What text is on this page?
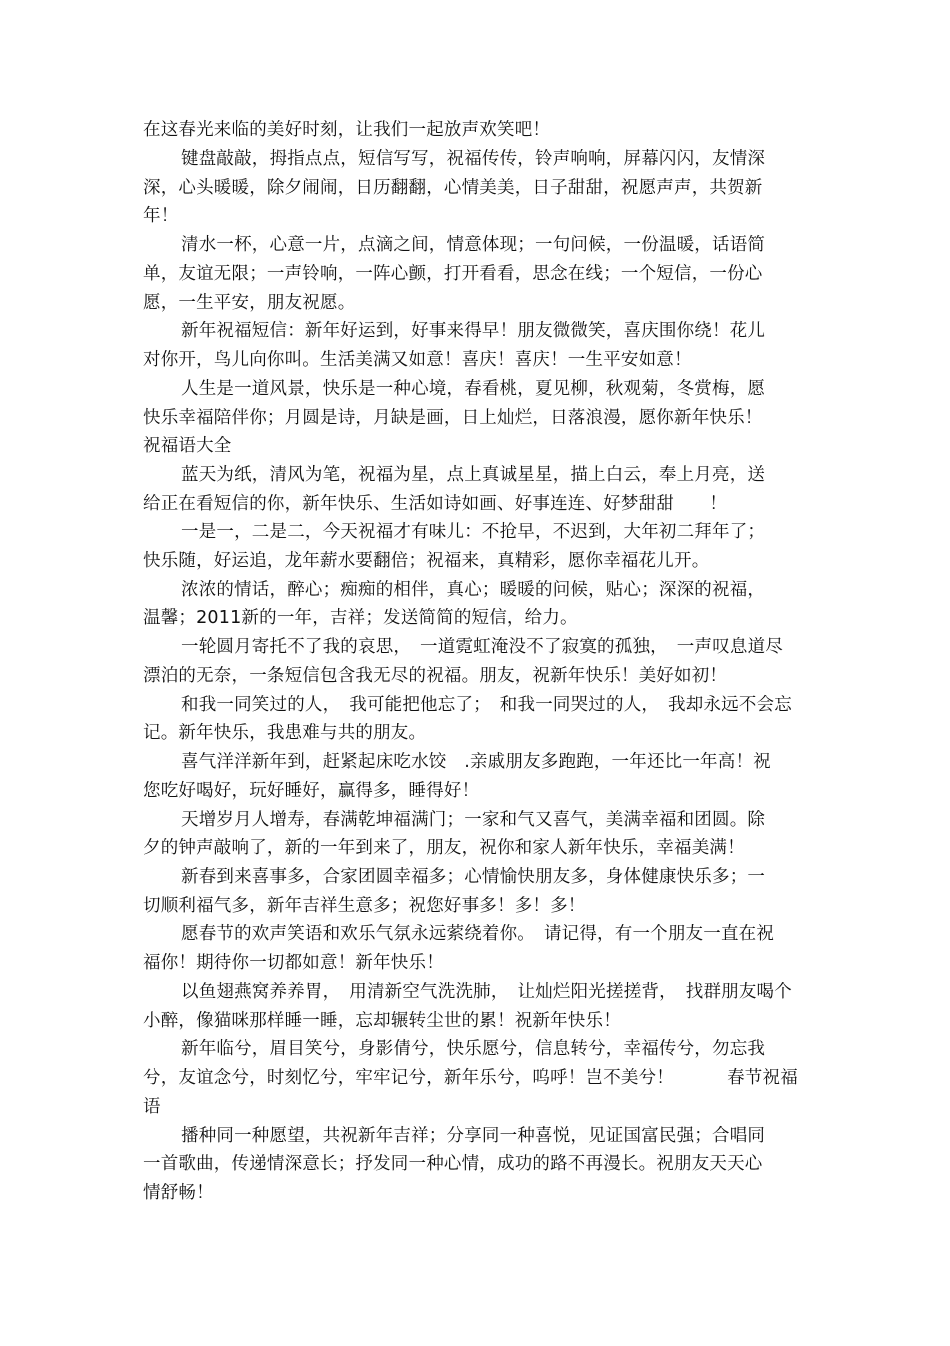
在这春光来临的美好时刻，让我们一起放声欢笑吧！
键盘敲敲，拇指点点，短信写写，祝福传传，铃声响响，屏幕闪闪，友情深
深，心头暖暖，除夕闹闹，日历翻翻，心情美美，日子甜甜，祝愿声声，共贺新
年！
清水一杯，心意一片，点滴之间，情意体现；一句问候，一份温暖，话语简
单，友谊无限；一声铃响，一阵心颤，打开看看，思念在线；一个短信，一份心
愿，一生平安，朋友祝愿。
新年祝福短信：新年好运到，好事来得早！朋友微微笑，喜庆围你绕！花儿
对你开，鸟儿向你叫。生活美满又如意！喜庆！喜庆！一生平安如意！
人生是一道风景，快乐是一种心境，春看桃，夏见柳，秋观菊，冬赏梅，愿
快乐幸福陪伴你；月圆是诗，月缺是画，日上灿烂，日落浪漫，愿你新年快乐！
祝福语大全
蓝天为纸，清风为笔，祝福为星，点上真诚星星，描上白云，奉上月亮，送
给正在看短信的你，新年快乐、生活如诗如画、好事连连、好梦甜甜　　！
一是一，二是二，今天祝福才有味儿：不抢早，不迟到，大年初二拜年了；
快乐随，好运追，龙年薪水要翻倍；祝福来，真精彩，愿你幸福花儿开。
浓浓的情话，醉心；痴痴的相伴，真心；暖暖的问候，贴心；深深的祝福，
温馨；2011新的一年，吉祥；发送简简的短信，给力。
一轮圆月寄托不了我的哀思，　一道霓虹淹没不了寂寞的孤独，　一声叹息道尽
漂泊的无奈，一条短信包含我无尽的祝福。朋友，祝新年快乐！美好如初！
和我一同笑过的人，　我可能把他忘了；　和我一同哭过的人，　我却永远不会忘
记。新年快乐，我患难与共的朋友。
喜气洋洋新年到，赶紧起床吃水饺　.亲戚朋友多跑跑，一年还比一年高！祝
您吃好喝好，玩好睡好，赢得多，睡得好！
天增岁月人增寿，春满乾坤福满门；一家和气又喜气，美满幸福和团圆。除
夕的钟声敲响了，新的一年到来了，朋友，祝你和家人新年快乐，幸福美满！
新春到来喜事多，合家团圆幸福多；心情愉快朋友多，身体健康快乐多；一
切顺利福气多，新年吉祥生意多；祝您好事多！多！多！
愿春节的欢声笑语和欢乐气氛永远萦绕着你。　请记得，有一个朋友一直在祝
福你！期待你一切都如意！新年快乐！
以鱼翅燕窝养养胃，　用清新空气洗洗肺，　让灿烂阳光搓搓背，　找群朋友喝个
小醉，像猫咪那样睡一睡，忘却辗转尘世的累！祝新年快乐！
新年临兮，眉目笑兮，身影倩兮，快乐愿兮，信息转兮，幸福传兮，勿忘我
兮，友谊念兮，时刻忆兮，牢牢记兮，新年乐兮，呜呼！岂不美兮！　　　春节祝福
语
播种同一种愿望，共祝新年吉祥；分享同一种喜悦，见证国富民强；合唱同
一首歌曲，传递情深意长；抒发同一种心情，成功的路不再漫长。祝朋友天天心
情舒畅！
